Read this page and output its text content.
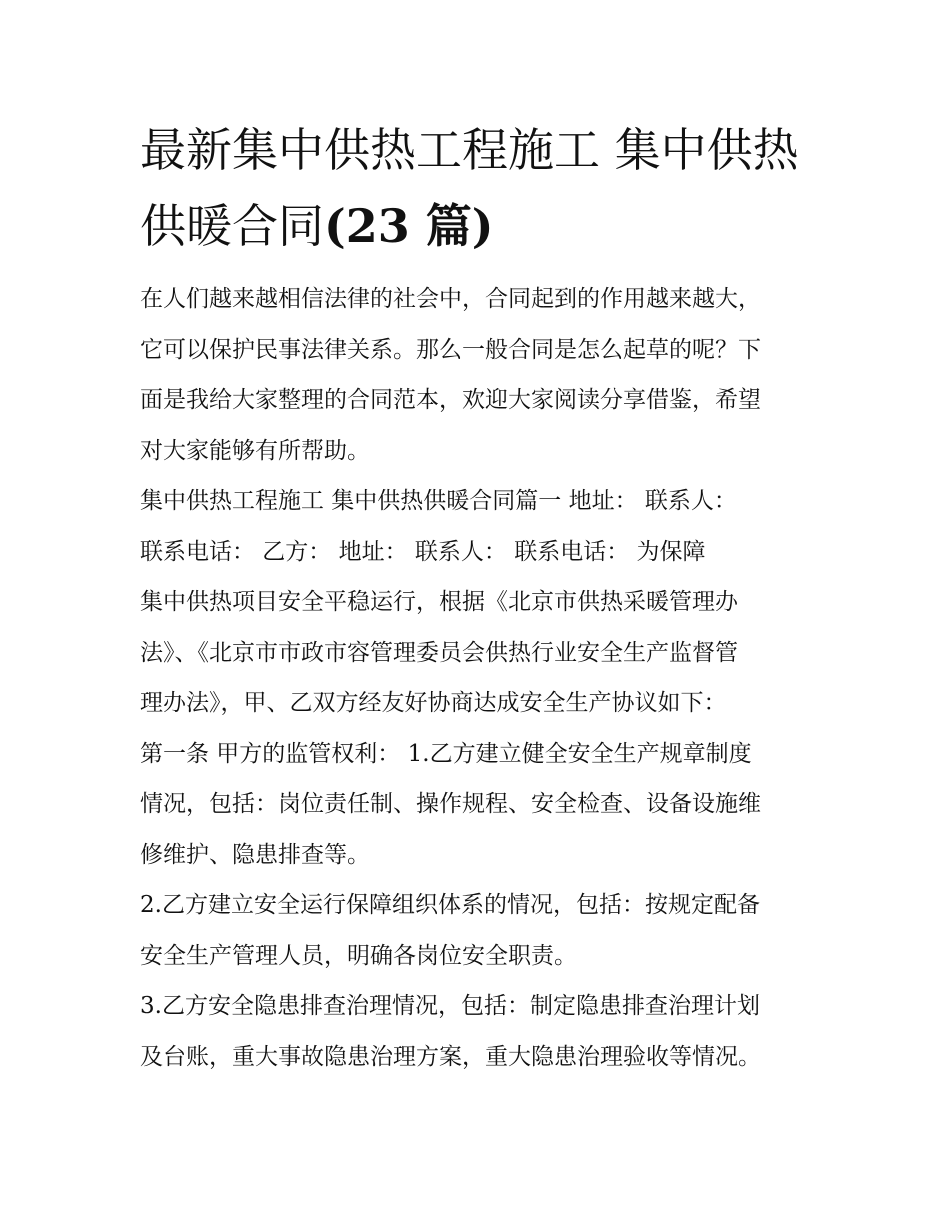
最新集中供热工程施工 集中供热供暖合同(23 篇)

在人们越来越相信法律的社会中，合同起到的作用越来越大，
它可以保护民事法律关系。那么一般合同是怎么起草的呢？下
面是我给大家整理的合同范本，欢迎大家阅读分享借鉴，希望
对大家能够有所帮助。

集中供热工程施工 集中供热供暖合同篇一 地址： 联系人：
联系电话： 乙方： 地址： 联系人： 联系电话： 为保障
集中供热项目安全平稳运行，根据《北京市供热采暖管理办
法》、《北京市市政市容管理委员会供热行业安全生产监督管
理办法》，甲、乙双方经友好协商达成安全生产协议如下：
第一条 甲方的监管权利： 1.乙方建立健全安全生产规章制度
情况，包括：岗位责任制、操作规程、安全检查、设备设施维
修维护、隐患排查等。

2.乙方建立安全运行保障组织体系的情况，包括：按规定配备
安全生产管理人员，明确各岗位安全职责。

3.乙方安全隐患排查治理情况，包括：制定隐患排查治理计划
及台账，重大事故隐患治理方案，重大隐患治理验收等情况。
